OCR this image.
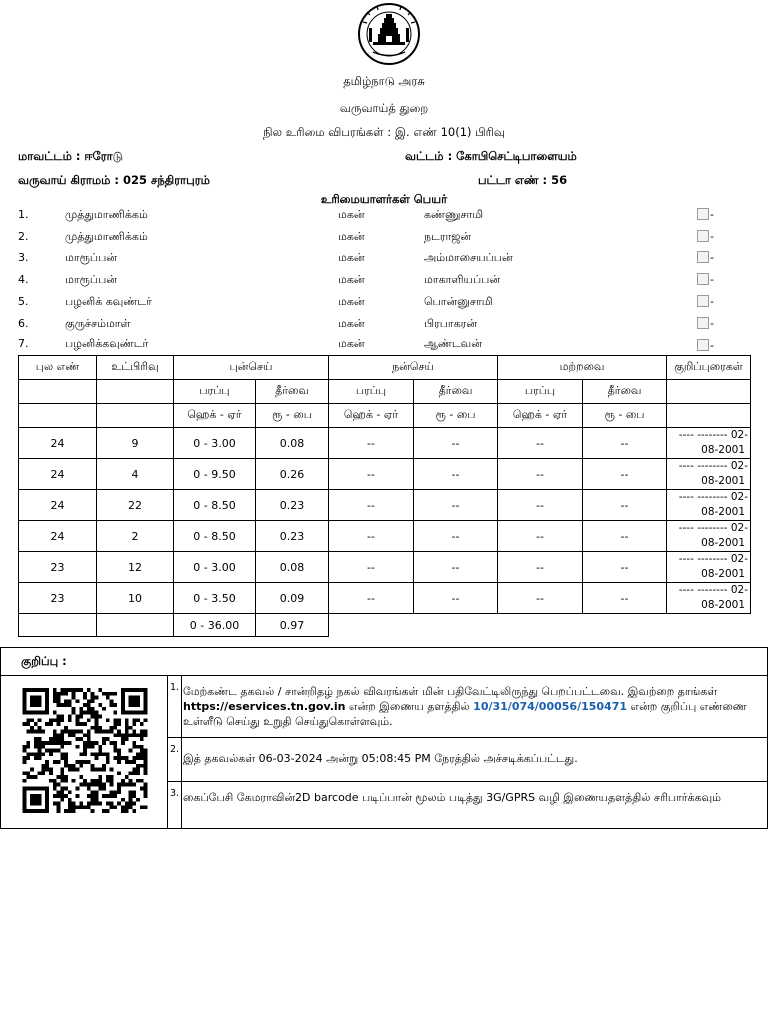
தமிழ்நாடு அரசு
வருவாய்த் துறை
நில உரிமை விபரங்கள் : இ. எண் 10(1) பிரிவு
மாவட்டம் : ஈரோடு	வட்டம் : கோபிசெட்டிபாளையம்
வருவாய் கிராமம் : 025 சந்திராபுரம்	பட்டா எண் : 56
உரிமையாளர்கள் பெயர்
1.	முத்துமாணிக்கம்	மகன்	கண்ணுசாமி	-
2.	முத்துமாணிக்கம்	மகன்	நடராஜன்	-
3.	மாரூப்பன்	மகன்	அம்மாசையப்பன்	-
4.	மாரூப்பன்	மகன்	மாகாளியப்பன்	-
5.	பழனிக் கவுண்டர்	மகன்	பொன்னுசாமி	-
6.	குருச்சம்மாள்	மகன்	பிரபாகரன்	-
7.	பழனிக்கவுண்டர்	மகன்	ஆண்டவன்	-
புல எண்	உட்பிரிவு	புன்செய்		நன்செய்		மற்றவை		குறிப்புரைகள்
		பரப்பு	தீர்வை	பரப்பு	தீர்வை	பரப்பு	தீர்வை	
		ஹெக் - ஏர்	ரூ - பை	ஹெக் - ஏர்	ரூ - பை	ஹெக் - ஏர்	ரூ - பை	
24	9	0 - 3.00	0.08	--	--	--	--	---- -------- 02-
08-2001
24	4	0 - 9.50	0.26	--	--	--	--	---- -------- 02-
08-2001
24	22	0 - 8.50	0.23	--	--	--	--	---- -------- 02-
08-2001
24	2	0 - 8.50	0.23	--	--	--	--	---- -------- 02-
08-2001
23	12	0 - 3.00	0.08	--	--	--	--	---- -------- 02-
08-2001
23	10	0 - 3.50	0.09	--	--	--	--	---- -------- 02-
08-2001
		0 - 36.00	0.97					
குறிப்பு :
1. மேற்கண்ட தகவல் / சான்றிதழ் நகல் விவரங்கள் மின் பதிவேட்டிலிருந்து பெறப்பட்டவை. இவற்றை தாங்கள் https://eservices.tn.gov.in என்ற இணைய தளத்தில் 10/31/074/00056/150471 என்ற குறிப்பு எண்ணை உள்ளீடு செய்து உறுதி செய்துகொள்ளவும்.
2.
இத் தகவல்கள் 06-03-2024 அன்று 05:08:45 PM நேரத்தில் அச்சடிக்கப்பட்டது.
3. கைப்பேசி கேமராவின்2D barcode படிப்பான் மூலம் படித்து 3G/GPRS வழி இணையதளத்தில் சரிபார்க்கவும்
